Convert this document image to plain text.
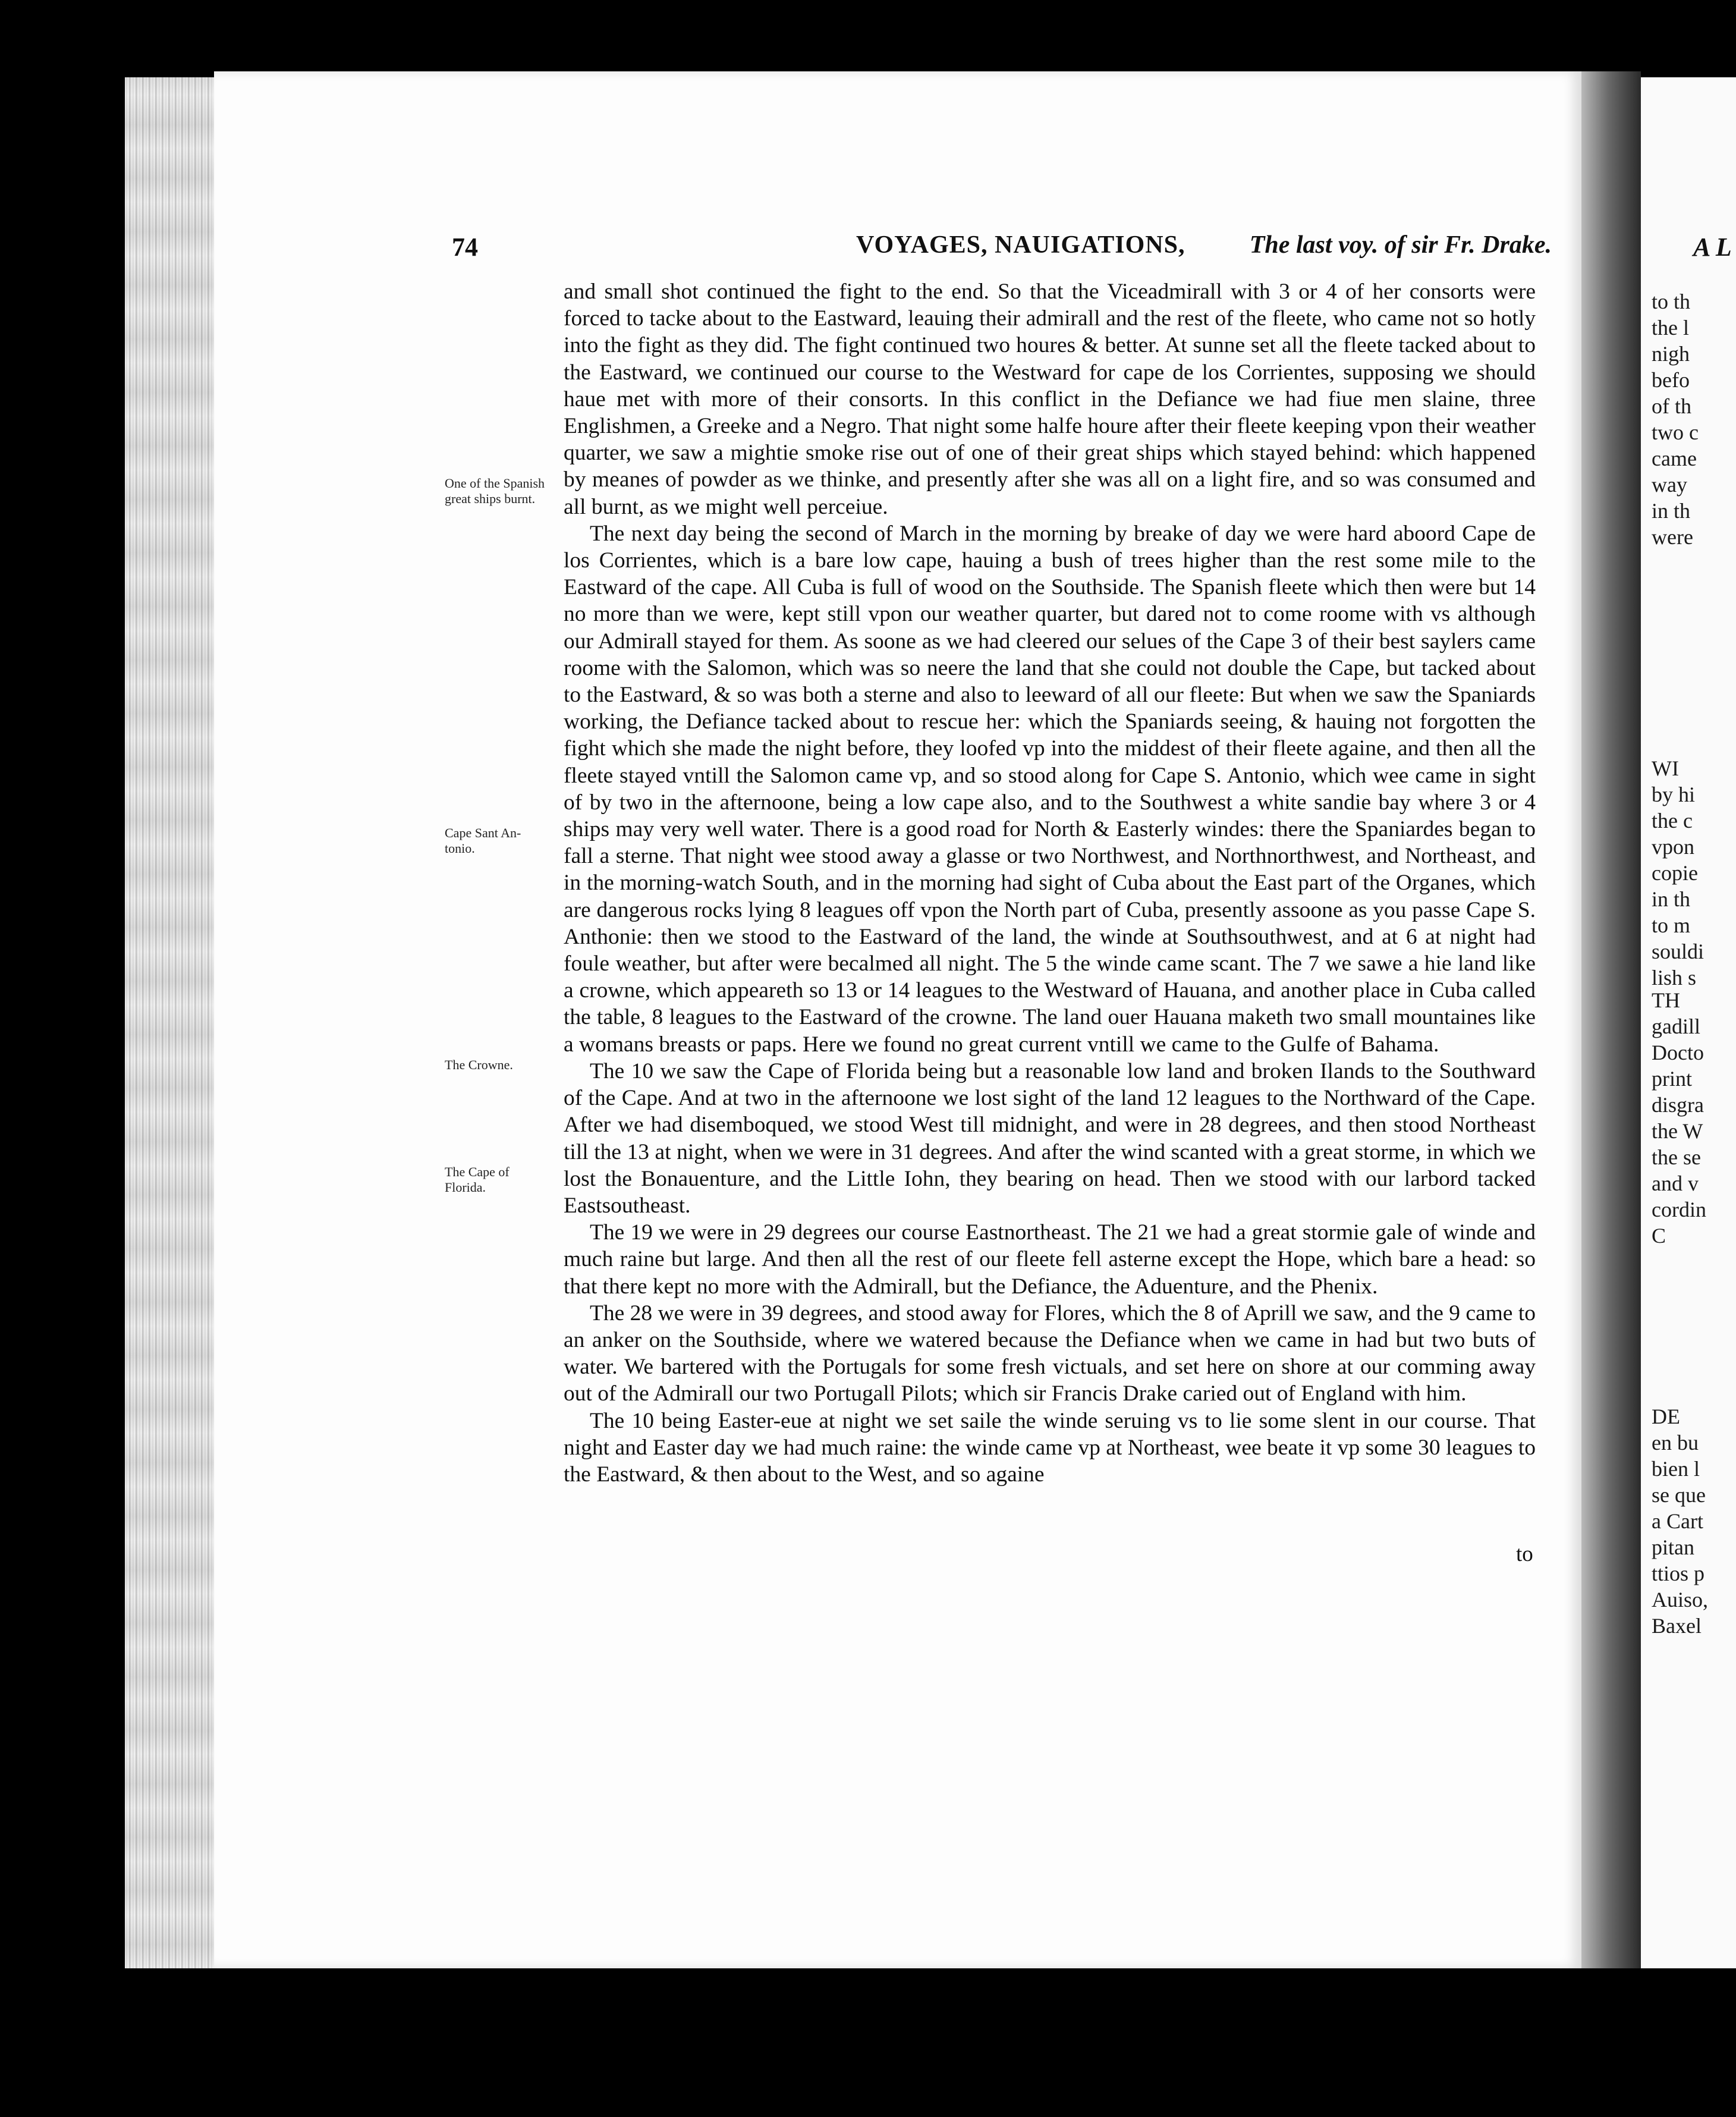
A L
to th
the l
nigh
befo
of th
two c
came
way
in th
were
WI
by hi
the c
vpon
copie
in th
to m
souldi
lish s
TH
gadill
Docto
print
disgra
the W
the se
and v
cordin
C
DE
en bu
bien l
se que
a Cart
pitan
ttios p
Auiso,
Baxel
74	VOYAGES, NAUIGATIONS,	The last voy. of sir Fr. Drake.
One of the Spanish great ships burnt.
Cape Sant An- tonio.
The Crowne.
The Cape of Florida.

and small shot continued the fight to the end. So that the Viceadmirall with 3 or 4 of her consorts were forced to tacke about to the Eastward, leauing their admirall and the rest of the fleete, who came not so hotly into the fight as they did. The fight continued two houres & better. At sunne set all the fleete tacked about to the Eastward, we continued our course to the Westward for cape de los Corrientes, supposing we should haue met with more of their consorts. In this conflict in the Defiance we had fiue men slaine, three Englishmen, a Greeke and a Negro. That night some halfe houre after their fleete keeping vpon their weather quarter, we saw a mightie smoke rise out of one of their great ships which stayed behind: which happened by meanes of powder as we thinke, and presently after she was all on a light fire, and so was consumed and all burnt, as we might well perceiue.

The next day being the second of March in the morning by breake of day we were hard aboord Cape de los Corrientes, which is a bare low cape, hauing a bush of trees higher than the rest some mile to the Eastward of the cape. All Cuba is full of wood on the Southside. The Spanish fleete which then were but 14 no more than we were, kept still vpon our weather quarter, but dared not to come roome with vs although our Admirall stayed for them. As soone as we had cleered our selues of the Cape 3 of their best saylers came roome with the Salomon, which was so neere the land that she could not double the Cape, but tacked about to the Eastward, & so was both a sterne and also to leeward of all our fleete: But when we saw the Spaniards working, the Defiance tacked about to rescue her: which the Spaniards seeing, & hauing not forgotten the fight which she made the night before, they loofed vp into the middest of their fleete againe, and then all the fleete stayed vntill the Salomon came vp, and so stood along for Cape S. Antonio, which wee came in sight of by two in the afternoone, being a low cape also, and to the Southwest a white sandie bay where 3 or 4 ships may very well water. There is a good road for North & Easterly windes: there the Spaniardes began to fall a sterne. That night wee stood away a glasse or two Northwest, and Northnorthwest, and Northeast, and in the morning-watch South, and in the morning had sight of Cuba about the East part of the Organes, which are dangerous rocks lying 8 leagues off vpon the North part of Cuba, presently assoone as you passe Cape S. Anthonie: then we stood to the Eastward of the land, the winde at Southsouthwest, and at 6 at night had foule weather, but after were becalmed all night. The 5 the winde came scant. The 7 we sawe a hie land like a crowne, which appeareth so 13 or 14 leagues to the Westward of Hauana, and another place in Cuba called the table, 8 leagues to the Eastward of the crowne. The land ouer Hauana maketh two small mountaines like a womans breasts or paps. Here we found no great current vntill we came to the Gulfe of Bahama.

The 10 we saw the Cape of Florida being but a reasonable low land and broken Ilands to the Southward of the Cape. And at two in the afternoone we lost sight of the land 12 leagues to the Northward of the Cape. After we had disemboqued, we stood West till midnight, and were in 28 degrees, and then stood Northeast till the 13 at night, when we were in 31 degrees. And after the wind scanted with a great storme, in which we lost the Bonauenture, and the Little Iohn, they bearing on head. Then we stood with our larbord tacked Eastsoutheast.

The 19 we were in 29 degrees our course Eastnortheast. The 21 we had a great stormie gale of winde and much raine but large. And then all the rest of our fleete fell asterne except the Hope, which bare a head: so that there kept no more with the Admirall, but the Defiance, the Aduenture, and the Phenix.

The 28 we were in 39 degrees, and stood away for Flores, which the 8 of Aprill we saw, and the 9 came to an anker on the Southside, where we watered because the Defiance when we came in had but two buts of water. We bartered with the Portugals for some fresh victuals, and set here on shore at our comming away out of the Admirall our two Portugall Pilots; which sir Francis Drake caried out of England with him.

The 10 being Easter-eue at night we set saile the winde seruing vs to lie some slent in our course. That night and Easter day we had much raine: the winde came vp at Northeast, wee beate it vp some 30 leagues to the Eastward, & then about to the West, and so againe

to
